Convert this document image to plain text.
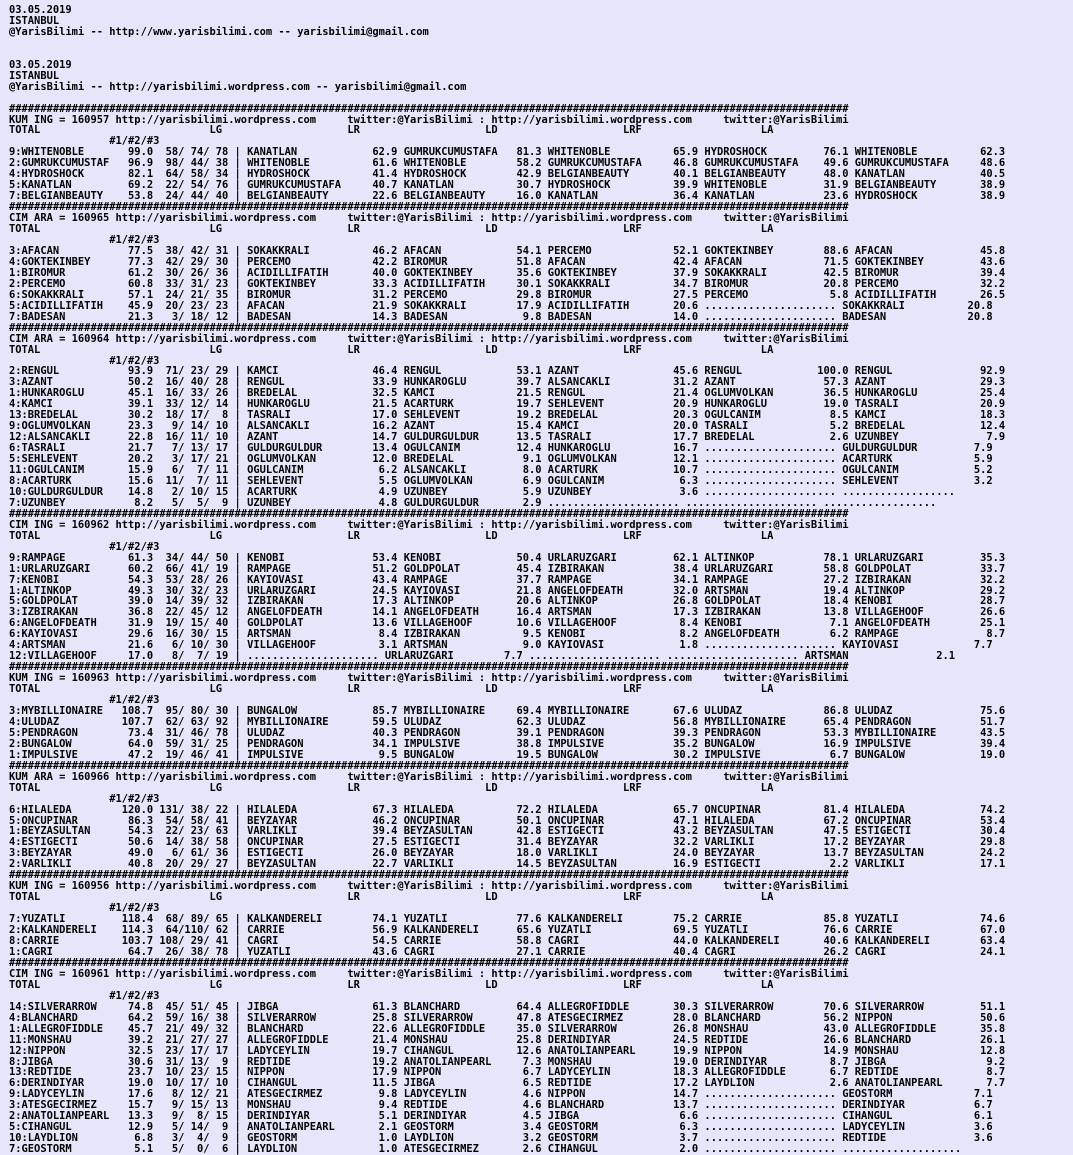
03.05.2019
ISTANBUL
@YarisBilimi -- http://www.yarisbilimi.com -- yarisbilimi@gmail.com

03.05.2019
ISTANBUL
@YarisBilimi -- http://yarisbilimi.wordpress.com -- yarisbilimi@gmail.com

######################################################################################################################################
KUM ING = 160957 http://yarisbilimi.wordpress.com     twitter:@YarisBilimi : http://yarisbilimi.wordpress.com     twitter:@YarisBilimi
TOTAL                           LG                    LR                    LD                    LRF                   LA
#1/#2/#3
9:WHITENOBLE       99.0  58/ 74/ 78 | KANATLAN            62.9 GUMRUKCUMUSTAFA   81.3 WHITENOBLE          65.9 HYDROSHOCK         76.1 WHITENOBLE          62.3
2:GUMRUKCUMUSTAF   96.9  98/ 44/ 38 | WHITENOBLE          61.6 WHITENOBLE        58.2 GUMRUKCUMUSTAFA     46.8 GUMRUKCUMUSTAFA    49.6 GUMRUKCUMUSTAFA     48.6
4:HYDROSHOCK       82.1  64/ 58/ 34 | HYDROSHOCK          41.4 HYDROSHOCK        42.9 BELGIANBEAUTY       40.1 BELGIANBEAUTY      48.0 KANATLAN            40.5
5:KANATLAN         69.2  22/ 54/ 76 | GUMRUKCUMUSTAFA     40.7 KANATLAN          30.7 HYDROSHOCK          39.9 WHITENOBLE         31.9 BELGIANBEAUTY       38.9
7:BELGIANBEAUTY    53.8  24/ 44/ 40 | BELGIANBEAUTY       22.6 BELGIANBEAUTY     16.0 KANATLAN            36.4 KANATLAN           23.6 HYDROSHOCK          38.9
######################################################################################################################################
CIM ARA = 160965 http://yarisbilimi.wordpress.com     twitter:@YarisBilimi : http://yarisbilimi.wordpress.com     twitter:@YarisBilimi
TOTAL                           LG                    LR                    LD                    LRF                   LA
#1/#2/#3
3:AFACAN           77.5  38/ 42/ 31 | SOKAKKRALI          46.2 AFACAN            54.1 PERCEMO             52.1 GOKTEKINBEY        88.6 AFACAN              45.8
4:GOKTEKINBEY      77.3  42/ 29/ 30 | PERCEMO             42.2 BIROMUR           51.8 AFACAN              42.4 AFACAN             71.5 GOKTEKINBEY         43.6
1:BIROMUR          61.2  30/ 26/ 36 | ACIDILLIFATIH       40.0 GOKTEKINBEY       35.6 GOKTEKINBEY         37.9 SOKAKKRALI         42.5 BIROMUR             39.4
2:PERCEMO          60.8  33/ 31/ 23 | GOKTEKINBEY         33.3 ACIDILLIFATIH     30.1 SOKAKKRALI          34.7 BIROMUR            20.8 PERCEMO             32.2
6:SOKAKKRALI       57.1  24/ 21/ 35 | BIROMUR             31.2 PERCEMO           29.8 BIROMUR             27.5 PERCEMO             5.8 ACIDILLIFATIH       26.5
5:ACIDILLIFATIH    45.9  20/ 23/ 23 | AFACAN              21.9 SOKAKKRALI        17.9 ACIDILLIFATIH       20.6 ..................... SOKAKKRALI          20.8
7:BADESAN          21.3   3/ 18/ 12 | BADESAN             14.3 BADESAN            9.8 BADESAN             14.0 ..................... BADESAN             20.8
######################################################################################################################################
CIM ARA = 160964 http://yarisbilimi.wordpress.com     twitter:@YarisBilimi : http://yarisbilimi.wordpress.com     twitter:@YarisBilimi
TOTAL                           LG                    LR                    LD                    LRF                   LA
#1/#2/#3
2:RENGUL           93.9  71/ 23/ 29 | KAMCI               46.4 RENGUL            53.1 AZANT               45.6 RENGUL            100.0 RENGUL              92.9
3:AZANT            50.2  16/ 40/ 28 | RENGUL              33.9 HUNKAROGLU        39.7 ALSANCAKLI          31.2 AZANT              57.3 AZANT               29.3
1:HUNKAROGLU       45.1  16/ 33/ 26 | BREDELAL            32.5 KAMCI             21.5 RENGUL              21.4 OGLUMVOLKAN        36.5 HUNKAROGLU          25.4
4:KAMCI            39.1  33/ 12/ 14 | HUNKAROGLU          21.5 ACARTURK          19.7 SEHLEVENT           20.9 HUNKAROGLU         19.0 TASRALI             20.9
13:BREDELAL        30.2  18/ 17/  8 | TASRALI             17.0 SEHLEVENT         19.2 BREDELAL            20.3 OGULCANIM           8.5 KAMCI               18.3
9:OGLUMVOLKAN      23.3   9/ 14/ 10 | ALSANCAKLI          16.2 AZANT             15.4 KAMCI               20.0 TASRALI             5.2 BREDELAL            12.4
12:ALSANCAKLI      22.8  16/ 11/ 10 | AZANT               14.7 GULDURGULDUR      13.5 TASRALI             17.7 BREDELAL            2.6 UZUNBEY              7.9
6:TASRALI          21.7   7/ 13/ 17 | GULDURGULDUR        13.4 OGULCANIM         12.4 HUNKAROGLU          16.7 ..................... GULDURGULDUR         7.9
5:SEHLEVENT        20.2   3/ 17/ 21 | OGLUMVOLKAN         12.0 BREDELAL           9.1 OGLUMVOLKAN         12.1 ..................... ACARTURK             5.9
11:OGULCANIM       15.9   6/  7/ 11 | OGULCANIM            6.2 ALSANCAKLI         8.0 ACARTURK            10.7 ..................... OGULCANIM            5.2
8:ACARTURK         15.6  11/  7/ 11 | SEHLEVENT            5.5 OGLUMVOLKAN        6.9 OGULCANIM            6.3 ..................... SEHLEVENT            3.2
10:GULDURGULDUR    14.8   2/ 10/ 15 | ACARTURK             4.9 UZUNBEY            5.9 UZUNBEY              3.6 ..................... ..................
7:UZUNBEY           8.2   5/  5/  9 | UZUNBEY              4.8 GULDURGULDUR       2.9 ..................... ..................... ..................
######################################################################################################################################
CIM ING = 160962 http://yarisbilimi.wordpress.com     twitter:@YarisBilimi : http://yarisbilimi.wordpress.com     twitter:@YarisBilimi
TOTAL                           LG                    LR                    LD                    LRF                   LA
#1/#2/#3
9:RAMPAGE          61.3  34/ 44/ 50 | KENOBI              53.4 KENOBI            50.4 URLARUZGARI         62.1 ALTINKOP           78.1 URLARUZGARI         35.3
1:URLARUZGARI      60.2  66/ 41/ 19 | RAMPAGE             51.2 GOLDPOLAT         45.4 IZBIRAKAN           38.4 URLARUZGARI        58.8 GOLDPOLAT           33.7
7:KENOBI           54.3  53/ 28/ 26 | KAYIOVASI           43.4 RAMPAGE           37.7 RAMPAGE             34.1 RAMPAGE            27.2 IZBIRAKAN           32.2
1:ALTINKOP         49.3  30/ 32/ 23 | URLARUZGARI         24.5 KAYIOVASI         21.8 ANGELOFDEATH        32.0 ARTSMAN            19.4 ALTINKOP            29.2
5:GOLDPOLAT        39.0  14/ 39/ 32 | IZBIRAKAN           17.3 ALTINKOP          20.6 ALTINKOP            26.8 GOLDPOLAT          18.4 KENOBI              28.7
3:IZBIRAKAN        36.8  22/ 45/ 12 | ANGELOFDEATH        14.1 ANGELOFDEATH      16.4 ARTSMAN             17.3 IZBIRAKAN          13.8 VILLAGEHOOF         26.6
6:ANGELOFDEATH     31.9  19/ 15/ 40 | GOLDPOLAT           13.6 VILLAGEHOOF       10.6 VILLAGEHOOF          8.4 KENOBI              7.1 ANGELOFDEATH        25.1
6:KAYIOVASI        29.6  16/ 30/ 15 | ARTSMAN              8.4 IZBIRAKAN          9.5 KENOBI               8.2 ANGELOFDEATH        6.2 RAMPAGE              8.7
4:ARTSMAN          21.6   6/ 10/ 30 | VILLAGEHOOF          3.1 ARTSMAN            9.0 KAYIOVASI            1.8 ..................... KAYIOVASI            7.7
12:VILLAGEHOOF     17.0   8/  7/ 19 | ..................... URLARUZGARI        7.7 ..................... ..................... ARTSMAN              2.1
######################################################################################################################################
KUM ING = 160963 http://yarisbilimi.wordpress.com     twitter:@YarisBilimi : http://yarisbilimi.wordpress.com     twitter:@YarisBilimi
TOTAL                           LG                    LR                    LD                    LRF                   LA
#1/#2/#3
3:MYBILLIONAIRE   108.7  95/ 80/ 30 | BUNGALOW            85.7 MYBILLIONAIRE     69.4 MYBILLIONAIRE       67.6 ULUDAZ             86.8 ULUDAZ              75.6
4:ULUDAZ          107.7  62/ 63/ 92 | MYBILLIONAIRE       59.5 ULUDAZ            62.3 ULUDAZ              56.8 MYBILLIONAIRE      65.4 PENDRAGON           51.7
5:PENDRAGON        73.4  31/ 46/ 78 | ULUDAZ              40.3 PENDRAGON         39.1 PENDRAGON           39.3 PENDRAGON          53.3 MYBILLIONAIRE       43.5
2:BUNGALOW         64.0  59/ 31/ 25 | PENDRAGON           34.1 IMPULSIVE         38.8 IMPULSIVE           35.2 BUNGALOW           16.9 IMPULSIVE           39.4
1:IMPULSIVE        47.2  19/ 46/ 41 | IMPULSIVE            9.5 BUNGALOW          19.5 BUNGALOW            30.2 IMPULSIVE           6.7 BUNGALOW            19.0
######################################################################################################################################
KUM ARA = 160966 http://yarisbilimi.wordpress.com     twitter:@YarisBilimi : http://yarisbilimi.wordpress.com     twitter:@YarisBilimi
TOTAL                           LG                    LR                    LD                    LRF                   LA
#1/#2/#3
6:HILALEDA        120.0 131/ 38/ 22 | HILALEDA            67.3 HILALEDA          72.2 HILALEDA            65.7 ONCUPINAR          81.4 HILALEDA            74.2
5:ONCUPINAR        86.3  54/ 58/ 41 | BEYZAYAR            46.2 ONCUPINAR         50.1 ONCUPINAR           47.1 HILALEDA           67.2 ONCUPINAR           53.4
1:BEYZASULTAN      54.3  22/ 23/ 63 | VARLIKLI            39.4 BEYZASULTAN       42.8 ESTIGECTI           43.2 BEYZASULTAN        47.5 ESTIGECTI           30.4
4:ESTIGECTI        50.6  14/ 38/ 58 | ONCUPINAR           27.5 ESTIGECTI         31.4 BEYZAYAR            32.2 VARLIKLI           17.2 BEYZAYAR            29.8
3:BEYZAYAR         49.0   6/ 61/ 36 | ESTIGECTI           26.0 BEYZAYAR          18.0 VARLIKLI            24.0 BEYZAYAR           13.7 BEYZASULTAN         24.2
2:VARLIKLI         40.8  20/ 29/ 27 | BEYZASULTAN         22.7 VARLIKLI          14.5 BEYZASULTAN         16.9 ESTIGECTI           2.2 VARLIKLI            17.1
######################################################################################################################################
KUM ING = 160956 http://yarisbilimi.wordpress.com     twitter:@YarisBilimi : http://yarisbilimi.wordpress.com     twitter:@YarisBilimi
TOTAL                           LG                    LR                    LD                    LRF                   LA
#1/#2/#3
7:YUZATLI         118.4  68/ 89/ 65 | KALKANDERELI        74.1 YUZATLI           77.6 KALKANDERELI        75.2 CARRIE             85.8 YUZATLI             74.6
2:KALKANDERELI    114.3  64/110/ 62 | CARRIE              56.9 KALKANDERELI      65.6 YUZATLI             69.5 YUZATLI            76.6 CARRIE              67.0
8:CARRIE          103.7 108/ 29/ 41 | CAGRI               54.5 CARRIE            58.8 CAGRI               44.0 KALKANDERELI       40.6 KALKANDERELI        63.4
1:CAGRI            64.7  26/ 38/ 78 | YUZATLI             43.6 CAGRI             27.1 CARRIE              40.4 CAGRI              26.2 CAGRI               24.1
######################################################################################################################################
CIM ING = 160961 http://yarisbilimi.wordpress.com     twitter:@YarisBilimi : http://yarisbilimi.wordpress.com     twitter:@YarisBilimi
TOTAL                           LG                    LR                    LD                    LRF                   LA
#1/#2/#3
14:SILVERARROW     74.8  45/ 51/ 45 | JIBGA               61.3 BLANCHARD         64.4 ALLEGROFIDDLE       30.3 SILVERARROW        70.6 SILVERARROW         51.1
4:BLANCHARD        64.2  59/ 16/ 38 | SILVERARROW         25.8 SILVERARROW       47.8 ATESGECIRMEZ        28.0 BLANCHARD          56.2 NIPPON              50.6
1:ALLEGROFIDDLE    45.7  21/ 49/ 32 | BLANCHARD           22.6 ALLEGROFIDDLE     35.0 SILVERARROW         26.8 MONSHAU            43.0 ALLEGROFIDDLE       35.8
11:MONSHAU         39.2  21/ 27/ 27 | ALLEGROFIDDLE       21.4 MONSHAU           25.8 DERINDIYAR          24.5 REDTIDE            26.6 BLANCHARD           26.1
12:NIPPON          32.5  23/ 17/ 17 | LADYCEYLIN          19.7 CIHANGUL          12.6 ANATOLIANPEARL      19.9 NIPPON             14.9 MONSHAU             12.8
8:JIBGA            30.6  31/ 13/  9 | REDTIDE             19.2 ANATOLIANPEARL     7.3 MONSHAU             19.0 DERINDIYAR          8.7 JIBGA                9.2
13:REDTIDE         23.7  10/ 23/ 15 | NIPPON              17.9 NIPPON             6.7 LADYCEYLIN          18.3 ALLEGROFIDDLE       6.7 REDTIDE              8.7
6:DERINDIYAR       19.0  10/ 17/ 10 | CIHANGUL            11.5 JIBGA              6.5 REDTIDE             17.2 LAYDLION            2.6 ANATOLIANPEARL       7.7
9:LADYCEYLIN       17.6   8/ 12/ 21 | ATESGECIRMEZ         9.8 LADYCEYLIN         4.6 NIPPON              14.7 ..................... GEOSTORM             7.1
3:ATESGECIRMEZ     15.7   9/ 15/ 13 | MONSHAU              9.4 REDTIDE            4.6 BLANCHARD           13.7 ..................... DERINDIYAR           6.7
2:ANATOLIANPEARL   13.3   9/  8/ 15 | DERINDIYAR           5.1 DERINDIYAR         4.5 JIBGA                6.6 ..................... CIHANGUL             6.1
5:CIHANGUL         12.9   5/ 14/  9 | ANATOLIANPEARL       2.1 GEOSTORM           3.4 GEOSTORM             6.3 ..................... LADYCEYLIN           3.6
10:LAYDLION         6.8   3/  4/  9 | GEOSTORM             1.0 LAYDLION           3.2 GEOSTORM             3.7 ..................... REDTIDE              3.6
7:GEOSTORM          5.1   5/  0/  6 | LAYDLION             1.0 ATESGECIRMEZ       2.6 CIHANGUL             2.0 ..................... ...................
